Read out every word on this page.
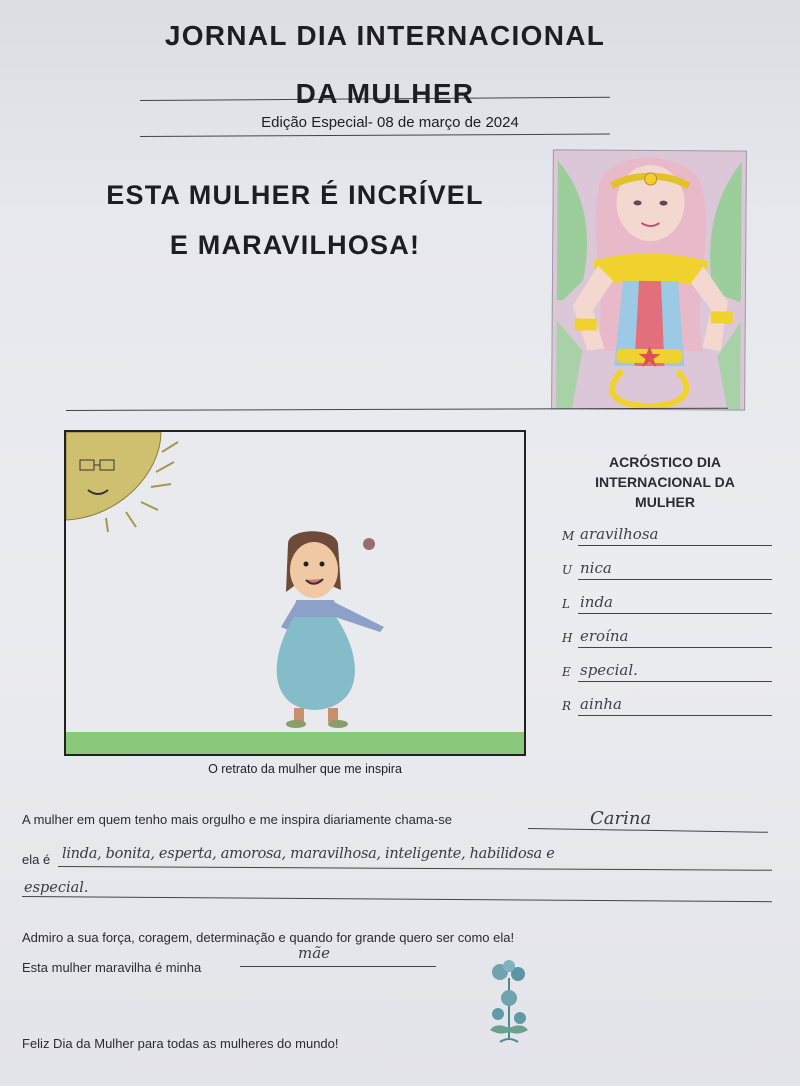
JORNAL DIA INTERNACIONAL
DA MULHER
Edição Especial- 08 de março de 2024
ESTA MULHER É INCRÍVEL
E MARAVILHOSA!
O retrato da mulher que me inspira
ACRÓSTICO DIA
INTERNACIONAL DA
MULHER
M aravilhosa
U nica
L inda
H eroína
E special.
R ainha
A mulher em quem tenho mais orgulho e me inspira diariamente chama-se	Carina
ela é linda, bonita, esperta, amorosa, maravilhosa, inteligente, habilidosa e
especial.
Admiro a sua força, coragem, determinação e quando for grande quero ser como ela!
Esta mulher maravilha é minha
mãe
Feliz Dia da Mulher para todas as mulheres do mundo!
